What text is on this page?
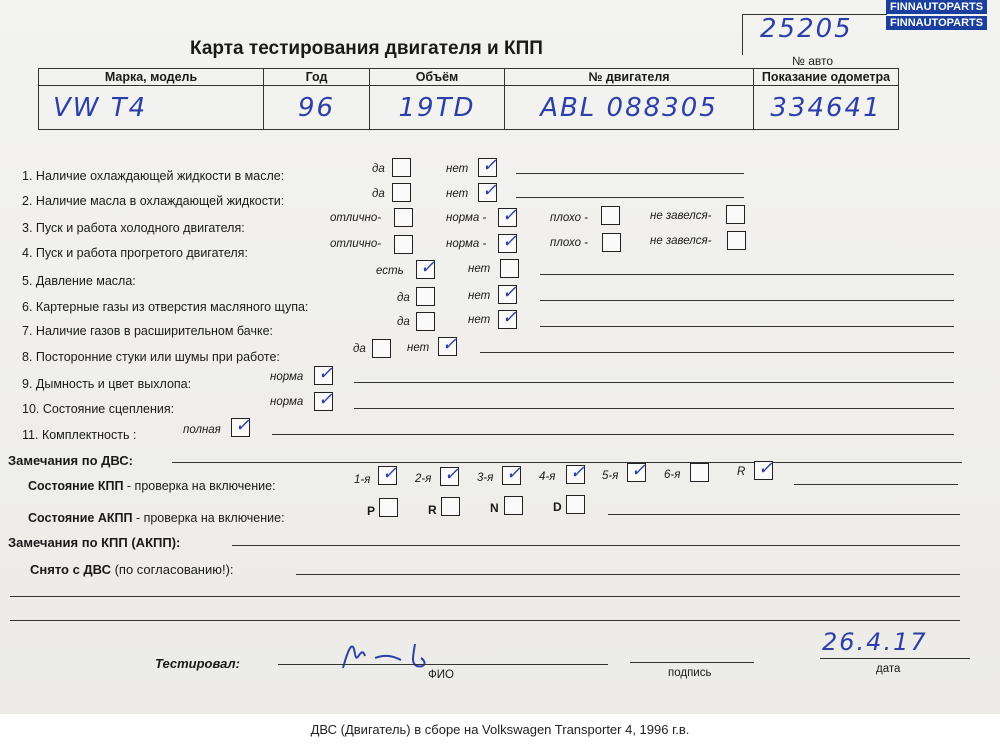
FINNAUTOPARTS
FINNAUTOPARTS
25205
№ авто
Карта тестирования двигателя и КПП
Марка, модель	Год	Объём	№ двигателя	Показание одометра
VW T4	96	19TD	ABL 088305	334641
1. Наличие охлаждающей жидкости в масле:	да	нет ✓
2. Наличие масла в охлаждающей жидкости:	да	нет ✓
3. Пуск и работа холодного двигателя:
отлично-	норма - ✓	плохо -	не завелся-
4. Пуск и работа прогретого двигателя:
отлично-	норма - ✓	плохо -	не завелся-
5. Давление масла:
есть ✓	нет
6. Картерные газы из отверстия масляного щупа:
да	нет ✓
7. Наличие газов в расширительном бачке:
да	нет ✓
8. Посторонние стуки или шумы при работе:
да	нет ✓
9. Дымность и цвет выхлопа:	норма ✓
10. Состояние сцепления:	норма ✓
11. Комплектность :	полная ✓
Замечания по ДВС:
Состояние КПП - проверка на включение:	1-я ✓ 2-я ✓ 3-я ✓ 4-я ✓ 5-я ✓ 6-я	R ✓
Состояние АКПП - проверка на включение:	P	R	N	D
Замечания по КПП (АКПП):
Снято с ДВС (по согласованию!):
Тестировал:
ФИО	подпись
26.4.17
дата
ДВС (Двигатель) в сборе на Volkswagen Transporter 4, 1996 г.в.
